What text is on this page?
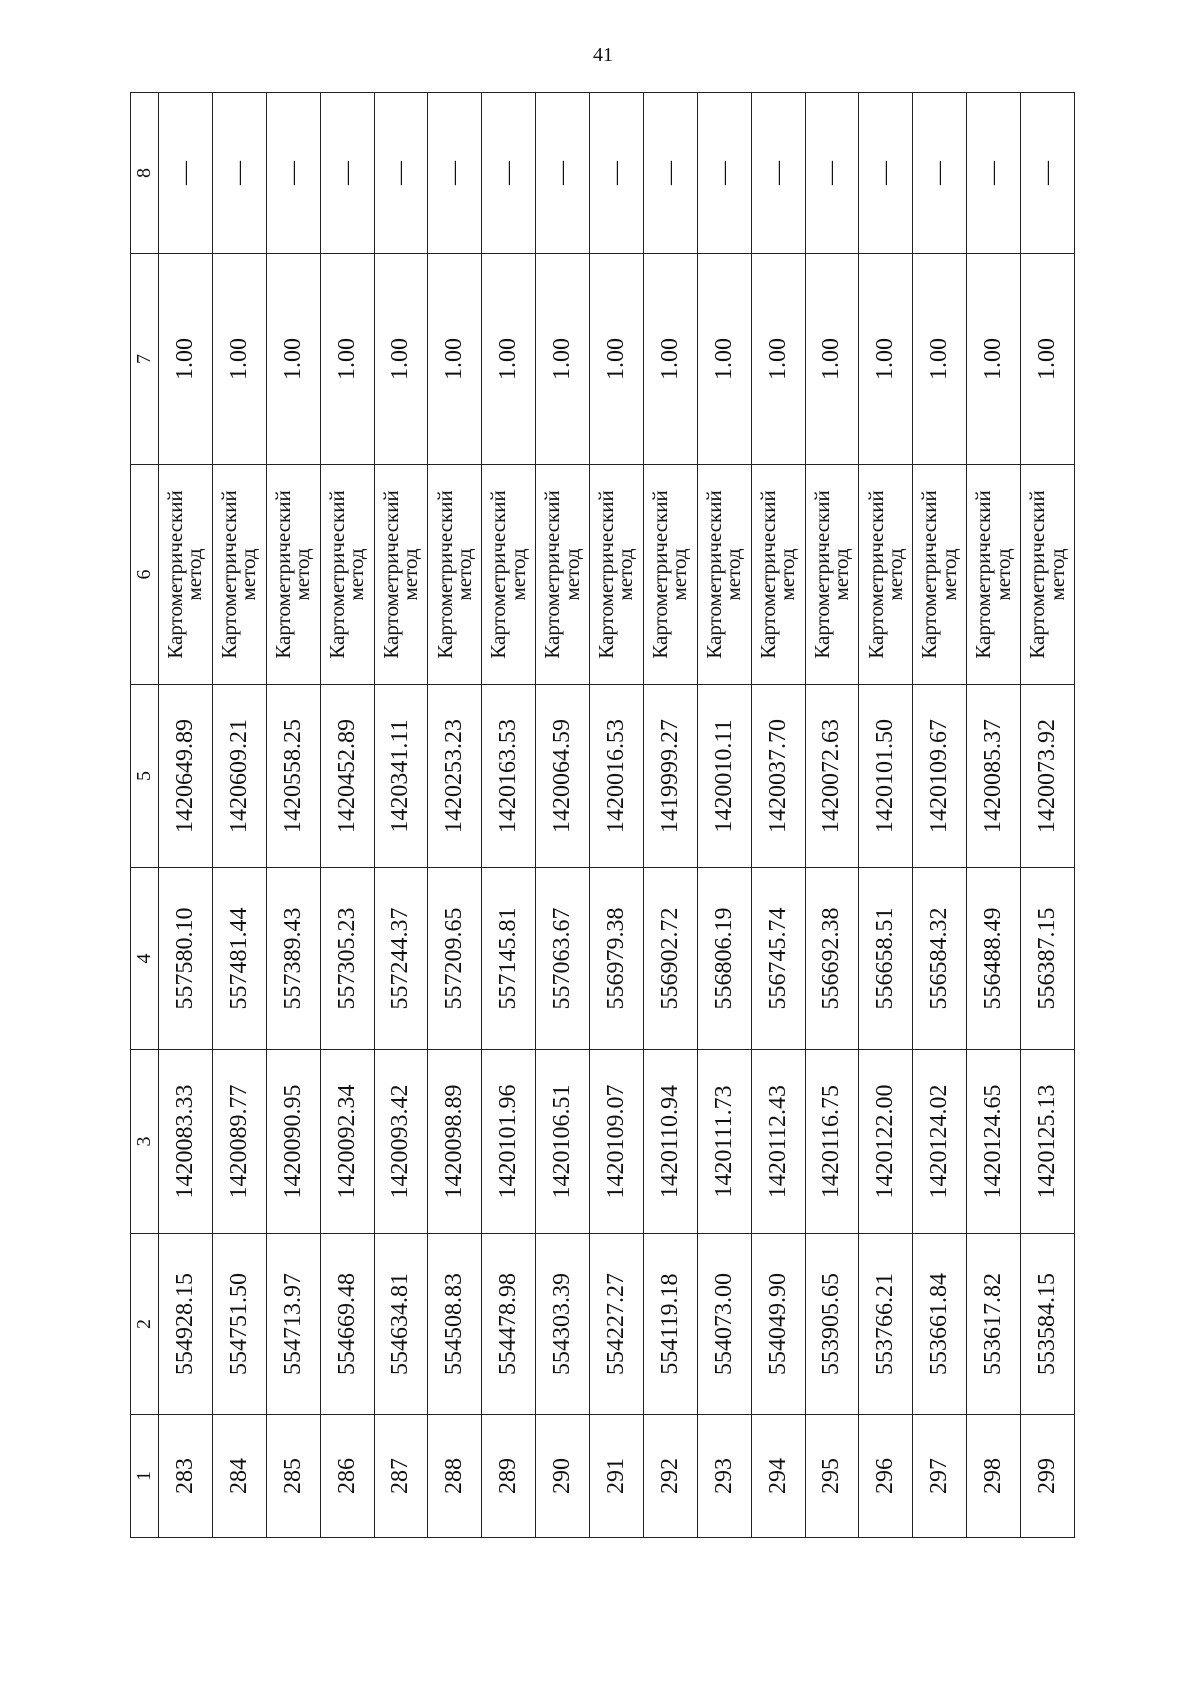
41
1	2	3	4	5	6	7	8
283	554928.15	1420083.33	557580.10	1420649.89	Картометрический метод	1.00	—
284	554751.50	1420089.77	557481.44	1420609.21	Картометрический метод	1.00	—
285	554713.97	1420090.95	557389.43	1420558.25	Картометрический метод	1.00	—
286	554669.48	1420092.34	557305.23	1420452.89	Картометрический метод	1.00	—
287	554634.81	1420093.42	557244.37	1420341.11	Картометрический метод	1.00	—
288	554508.83	1420098.89	557209.65	1420253.23	Картометрический метод	1.00	—
289	554478.98	1420101.96	557145.81	1420163.53	Картометрический метод	1.00	—
290	554303.39	1420106.51	557063.67	1420064.59	Картометрический метод	1.00	—
291	554227.27	1420109.07	556979.38	1420016.53	Картометрический метод	1.00	—
292	554119.18	1420110.94	556902.72	1419999.27	Картометрический метод	1.00	—
293	554073.00	1420111.73	556806.19	1420010.11	Картометрический метод	1.00	—
294	554049.90	1420112.43	556745.74	1420037.70	Картометрический метод	1.00	—
295	553905.65	1420116.75	556692.38	1420072.63	Картометрический метод	1.00	—
296	553766.21	1420122.00	556658.51	1420101.50	Картометрический метод	1.00	—
297	553661.84	1420124.02	556584.32	1420109.67	Картометрический метод	1.00	—
298	553617.82	1420124.65	556488.49	1420085.37	Картометрический метод	1.00	—
299	553584.15	1420125.13	556387.15	1420073.92	Картометрический метод	1.00	—
